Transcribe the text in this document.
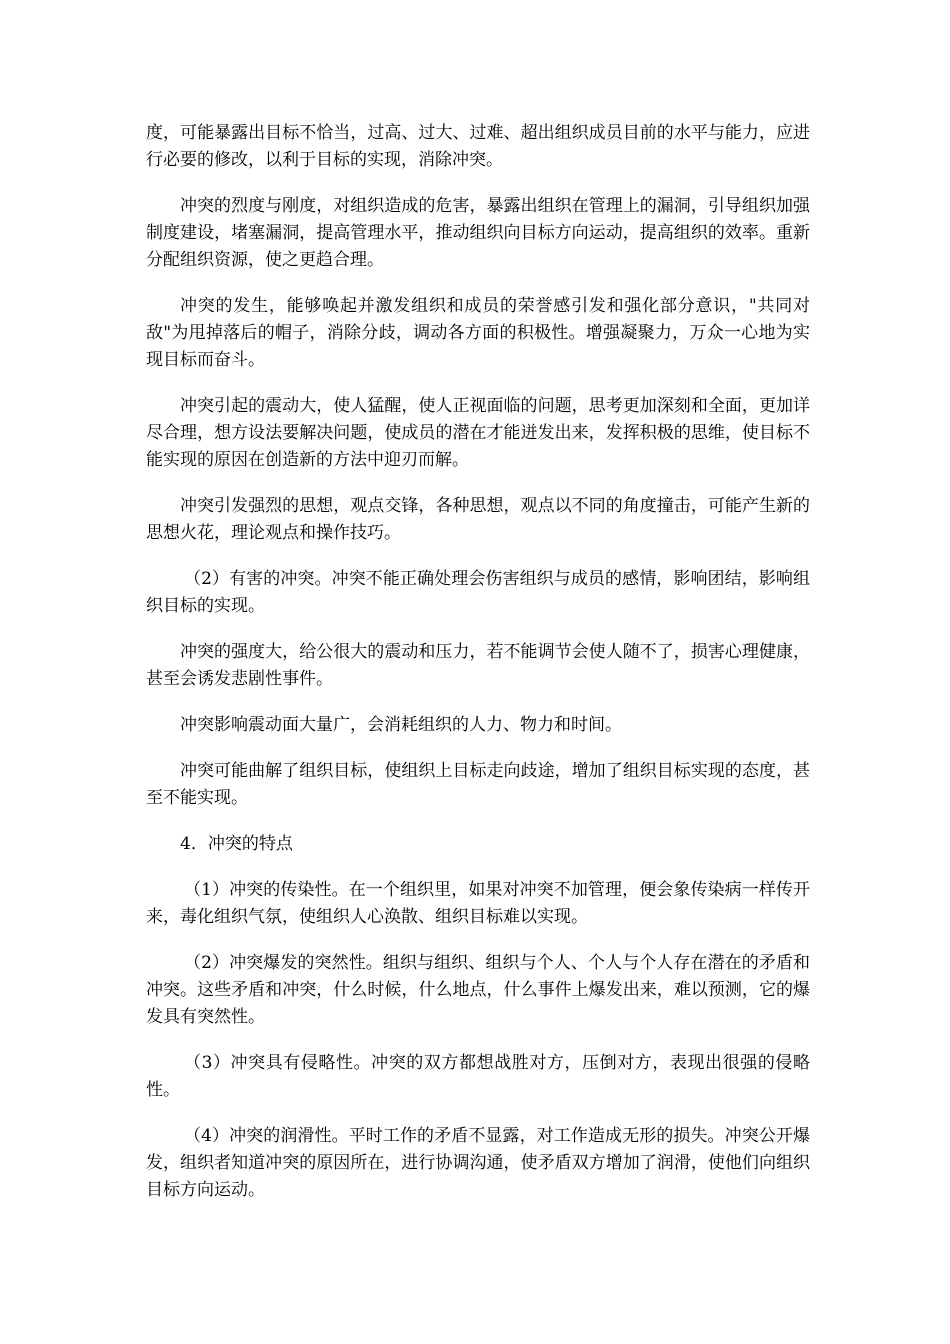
度，可能暴露出目标不恰当，过高、过大、过难、超出组织成员目前的水平与能力，应进行必要的修改，以利于目标的实现，消除冲突。

冲突的烈度与刚度，对组织造成的危害，暴露出组织在管理上的漏洞，引导组织加强制度建设，堵塞漏洞，提高管理水平，推动组织向目标方向运动，提高组织的效率。重新分配组织资源，使之更趋合理。

冲突的发生，能够唤起并激发组织和成员的荣誉感引发和强化部分意识，"共同对敌"为甩掉落后的帽子，消除分歧，调动各方面的积极性。增强凝聚力，万众一心地为实现目标而奋斗。

冲突引起的震动大，使人猛醒，使人正视面临的问题，思考更加深刻和全面，更加详尽合理，想方设法要解决问题，使成员的潜在才能迸发出来，发挥积极的思维，使目标不能实现的原因在创造新的方法中迎刃而解。

冲突引发强烈的思想，观点交锋，各种思想，观点以不同的角度撞击，可能产生新的思想火花，理论观点和操作技巧。

（2）有害的冲突。冲突不能正确处理会伤害组织与成员的感情，影响团结，影响组织目标的实现。

冲突的强度大，给公很大的震动和压力，若不能调节会使人随不了，损害心理健康，甚至会诱发悲剧性事件。

冲突影响震动面大量广，会消耗组织的人力、物力和时间。

冲突可能曲解了组织目标，使组织上目标走向歧途，增加了组织目标实现的态度，甚至不能实现。

4．冲突的特点

（1）冲突的传染性。在一个组织里，如果对冲突不加管理，便会象传染病一样传开来，毒化组织气氛，使组织人心涣散、组织目标难以实现。

（2）冲突爆发的突然性。组织与组织、组织与个人、个人与个人存在潜在的矛盾和冲突。这些矛盾和冲突，什么时候，什么地点，什么事件上爆发出来，难以预测，它的爆发具有突然性。

（3）冲突具有侵略性。冲突的双方都想战胜对方，压倒对方，表现出很强的侵略性。

（4）冲突的润滑性。平时工作的矛盾不显露，对工作造成无形的损失。冲突公开爆发，组织者知道冲突的原因所在，进行协调沟通，使矛盾双方增加了润滑，使他们向组织目标方向运动。
